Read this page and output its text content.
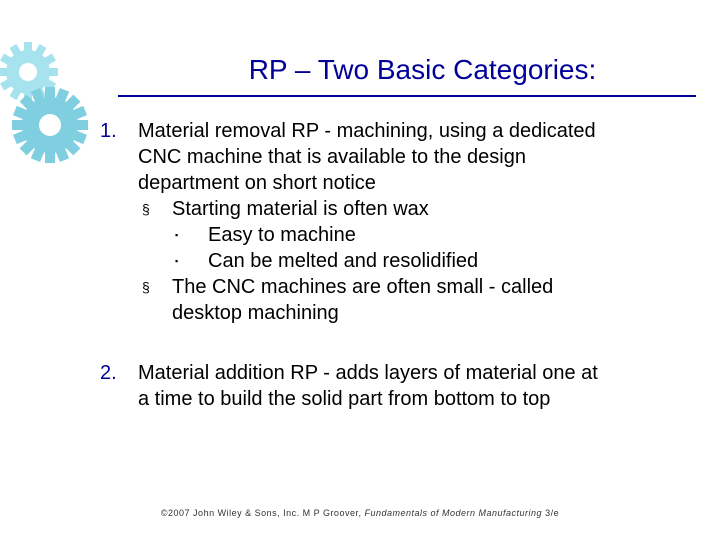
RP – Two Basic Categories:
1. Material removal RP - machining, using a dedicated
CNC machine that is available to the design
department on short notice
§ Starting material is often wax
▪ Easy to machine
▪ Can be melted and resolidified
§ The CNC machines are often small - called
desktop machining
2. Material addition RP - adds layers of material one at
a time to build the solid part from bottom to top
©2007 John Wiley & Sons, Inc. M P Groover, Fundamentals of Modern Manufacturing 3/e
